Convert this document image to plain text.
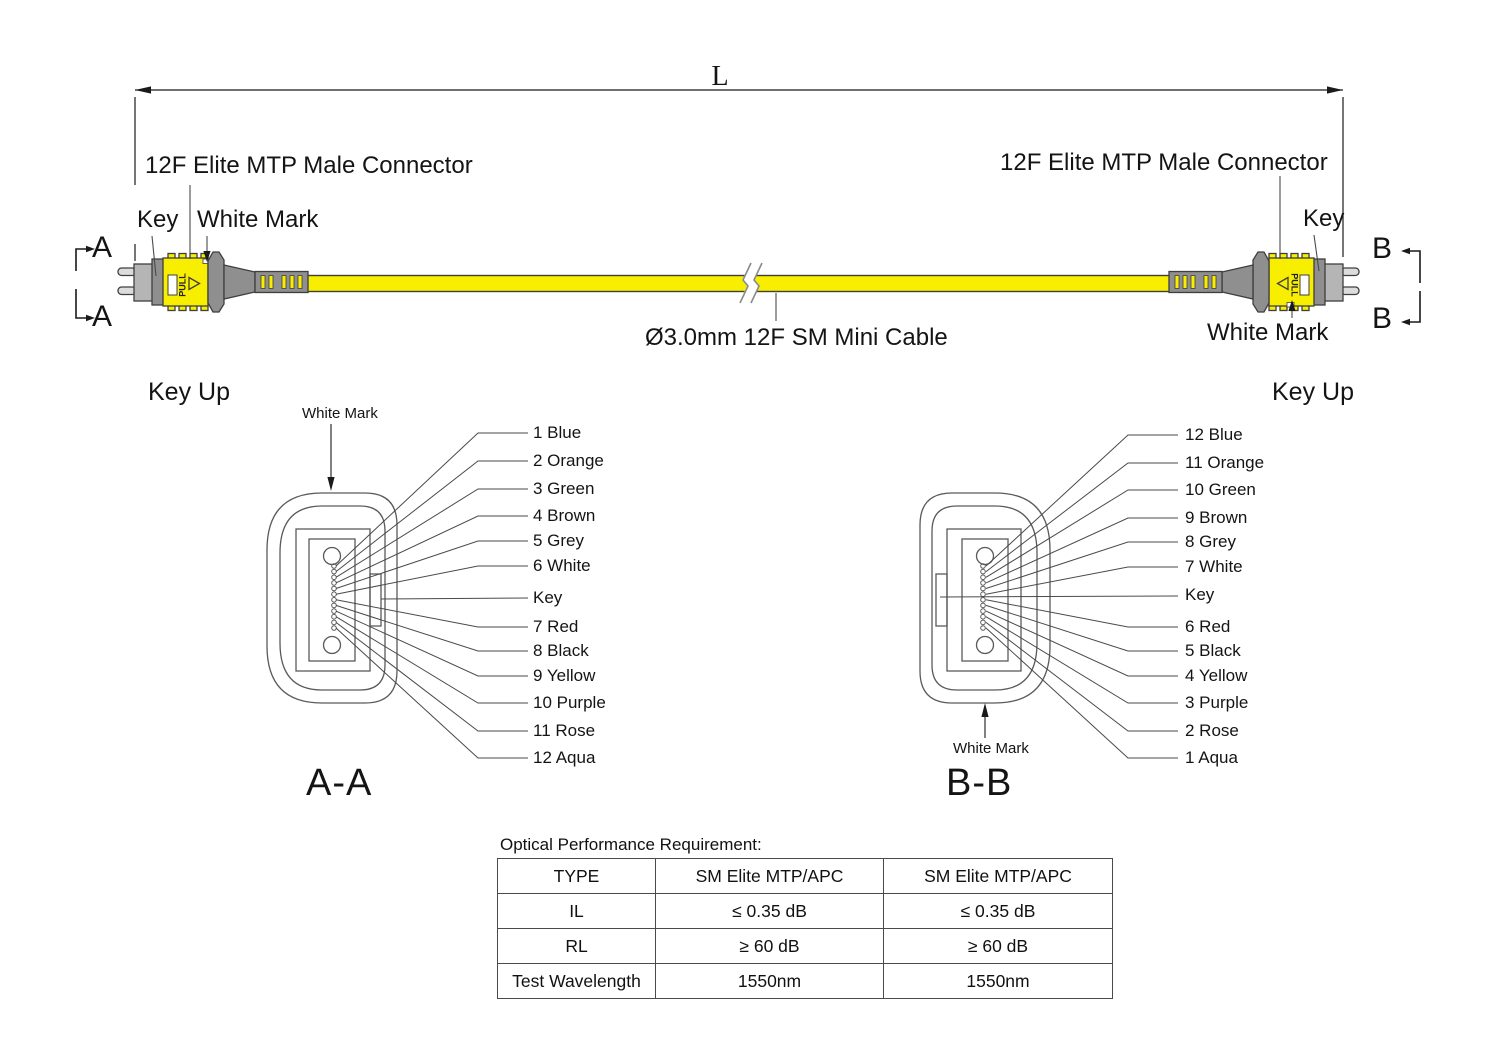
PULL	PULL
L
12F Elite MTP Male Connector	12F Elite MTP Male Connector
Key White Mark	Key
White Mark
Ø3.0mm 12F SM Mini Cable
A
A
B
B
Key Up	Key Up
White Mark
White Mark
1 Blue
2 Orange
3 Green
4 Brown
5 Grey
6 White
Key
7 Red
8 Black
9 Yellow
10 Purple
11 Rose
12 Aqua
12 Blue
11 Orange
10 Green
9 Brown
8 Grey
7 White
Key
6 Red
5 Black
4 Yellow
3 Purple
2 Rose
1 Aqua
A-A	B-B
Optical Performance Requirement:
TYPE	SM Elite MTP/APC	SM Elite MTP/APC
IL	≤ 0.35 dB	≤ 0.35 dB
RL	≥ 60 dB	≥ 60 dB
Test Wavelength	1550nm	1550nm
